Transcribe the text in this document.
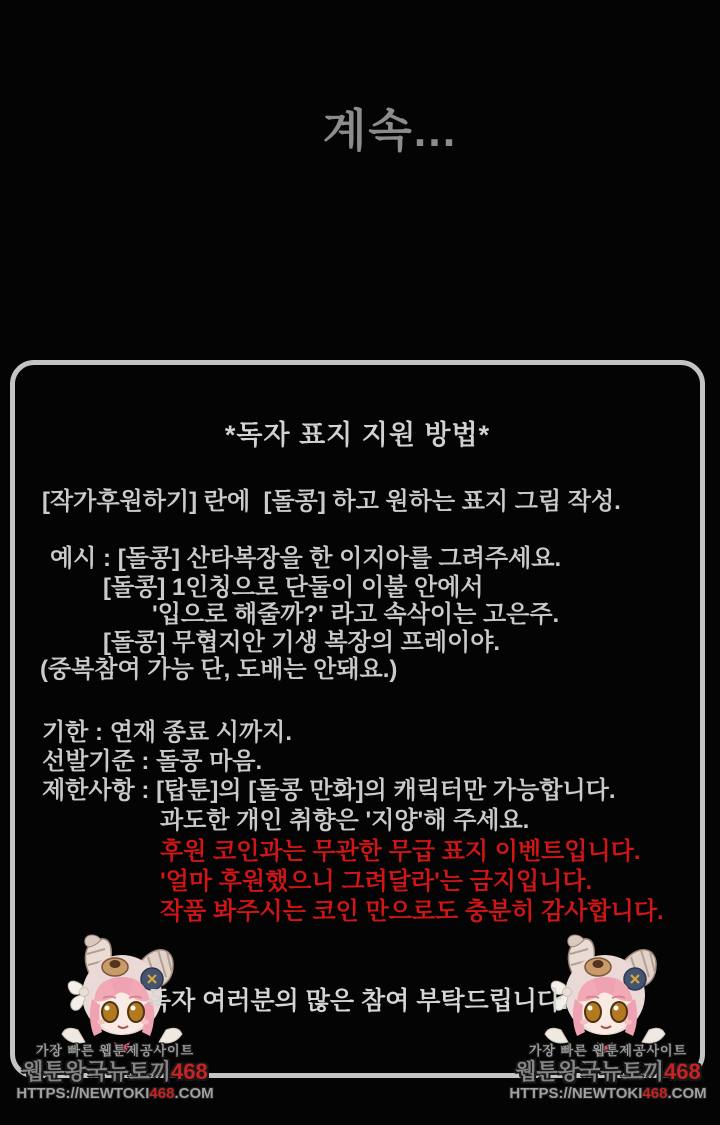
계속...
*독자 표지 지원 방법*
[작가후원하기] 란에  [돌콩] 하고 원하는 표지 그림 작성.
예시 : [돌콩] 산타복장을 한 이지아를 그려주세요.
[돌콩] 1인칭으로 단둘이 이불 안에서
'입으로 해줄까?' 라고 속삭이는 고은주.
[돌콩] 무협지안 기생 복장의 프레이야.
(중복참여 가능 단, 도배는 안돼요.)
기한 : 연재 종료 시까지.
선발기준 : 돌콩 마음.
제한사항 : [탑툰]의 [돌콩 만화]의 캐릭터만 가능합니다.
과도한 개인 취향은 '지양'해 주세요.
후원 코인과는 무관한 무급 표지 이벤트입니다.
'얼마 후원했으니 그려달라'는 금지입니다.
작품 봐주시는 코인 만으로도 충분히 감사합니다.
독자 여러분의 많은 참여 부탁드립니다.
가장 빠른 웹툰제공사이트
웹툰왕국뉴토끼468
HTTPS://NEWTOKI468.COM
가장 빠른 웹툰제공사이트
웹툰왕국뉴토끼468
HTTPS://NEWTOKI468.COM
